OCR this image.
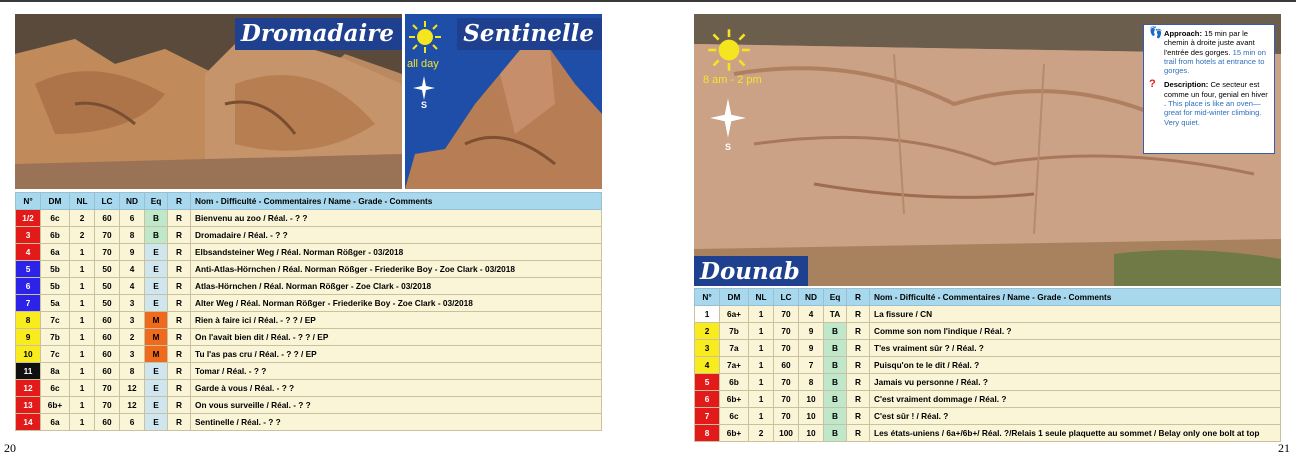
Dromadaire
all day
S
Sentinelle
N°	DM	NL	LC	ND	Eq	R	Nom - Difficulté - Commentaires / Name - Grade - Comments
1/2	6c	2	60	6	B	R	Bienvenu au zoo / Réal. - ? ?
3	6b	2	70	8	B	R	Dromadaire / Réal. - ? ?
4	6a	1	70	9	E	R	Elbsandsteiner Weg / Réal. Norman Rößger - 03/2018
5	5b	1	50	4	E	R	Anti-Atlas-Hörnchen / Réal. Norman Rößger - Friederike Boy - Zoe Clark - 03/2018
6	5b	1	50	4	E	R	Atlas-Hörnchen / Réal. Norman Rößger - Zoe Clark - 03/2018
7	5a	1	50	3	E	R	Alter Weg / Réal. Norman Rößger - Friederike Boy - Zoe Clark - 03/2018
8	7c	1	60	3	M	R	Rien à faire ici / Réal. - ? ? / EP
9	7b	1	60	2	M	R	On l'avait bien dit / Réal. - ? ? / EP
10	7c	1	60	3	M	R	Tu l'as pas cru / Réal. - ? ? / EP
11	8a	1	60	8	E	R	Tomar / Réal. - ? ?
12	6c	1	70	12	E	R	Garde à vous / Réal. - ? ?
13	6b+	1	70	12	E	R	On vous surveille / Réal. - ? ?
14	6a	1	60	6	E	R	Sentinelle / Réal. - ? ?
20
8 am - 2 pm
S
👣 Approach: 15 min par le chemin à droite juste avant l'entrée des gorges. 15 min on trail from hotels at entrance to gorges.
? Description: Ce secteur est comme un four, genial en hiver . This place is like an oven—great for mid-winter climbing. Very quiet.
Dounab
N°	DM	NL	LC	ND	Eq	R	Nom - Difficulté - Commentaires / Name - Grade - Comments
1	6a+	1	70	4	TA	R	La fissure / CN
2	7b	1	70	9	B	R	Comme son nom l'indique / Réal. ?
3	7a	1	70	9	B	R	T'es vraiment sûr ? / Réal. ?
4	7a+	1	60	7	B	R	Puisqu'on te le dit / Réal. ?
5	6b	1	70	8	B	R	Jamais vu personne / Réal. ?
6	6b+	1	70	10	B	R	C'est vraiment dommage / Réal. ?
7	6c	1	70	10	B	R	C'est sûr ! / Réal. ?
8	6b+	2	100	10	B	R	Les états-uniens / 6a+/6b+/ Réal. ?/Relais 1 seule plaquette au sommet / Belay only one bolt at top
21
